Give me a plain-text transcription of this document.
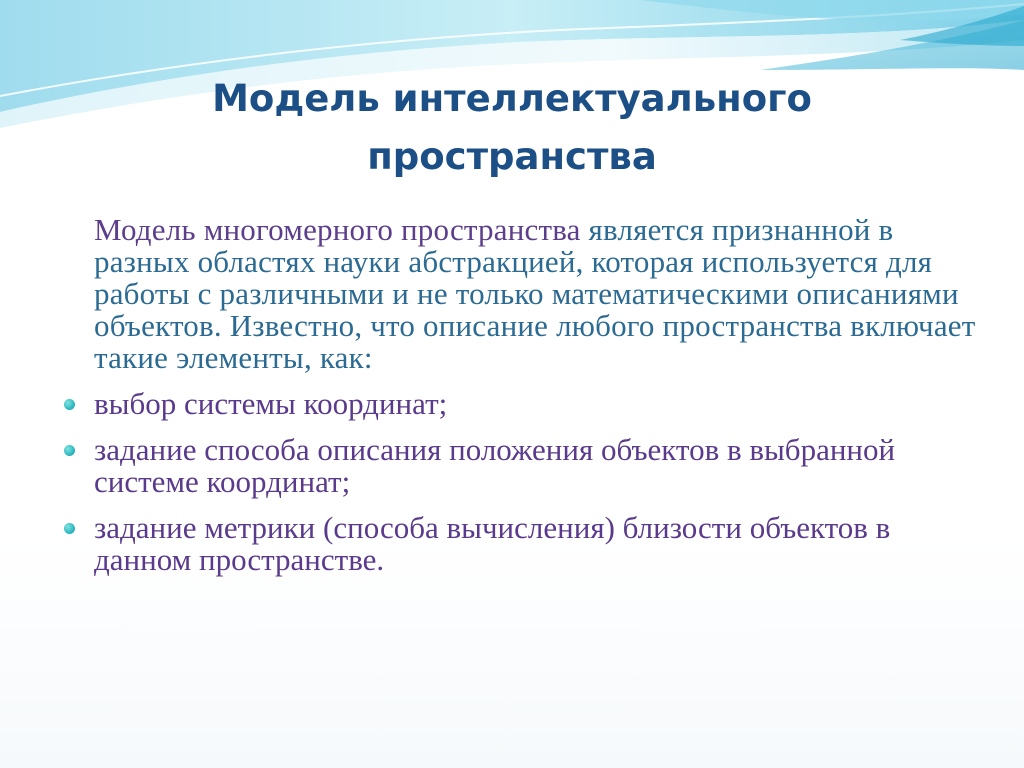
Модель интеллектуального пространства

Модель многомерного пространства является признанной в разных областях науки абстракцией, которая используется для работы с различными и не только математическими описаниями объектов. Известно, что описание любого пространства включает такие элементы, как:

выбор системы координат;
задание способа описания положения объектов в выбранной системе координат;
задание метрики (способа вычисления) близости объектов в данном пространстве.
